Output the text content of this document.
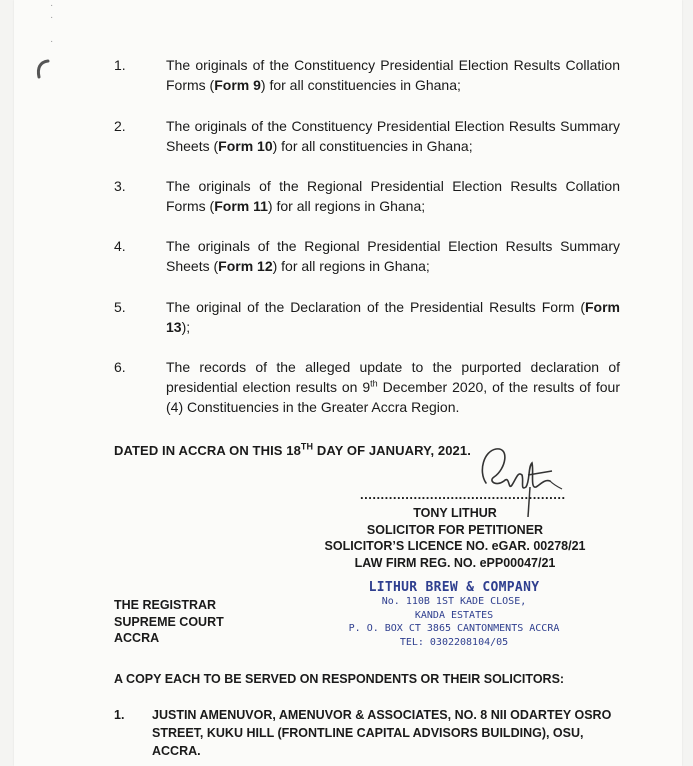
·
·

·
1.	The originals of the Constituency Presidential Election Results Collation Forms (Form 9) for all constituencies in Ghana;
2.	The originals of the Constituency Presidential Election Results Summary Sheets (Form 10) for all constituencies in Ghana;
3.	The originals of the Regional Presidential Election Results Collation Forms (Form 11) for all regions in Ghana;
4.	The originals of the Regional Presidential Election Results Summary Sheets (Form 12) for all regions in Ghana;
5.	The original of the Declaration of the Presidential Results Form (Form 13);
6.	The records of the alleged update to the purported declaration of presidential election results on 9th December 2020, of the results of four (4) Constituencies in the Greater Accra Region.
DATED IN ACCRA ON THIS 18TH DAY OF JANUARY, 2021.
..................................................
TONY LITHUR
SOLICITOR FOR PETITIONER
SOLICITOR’S LICENCE NO. eGAR. 00278/21
LAW FIRM REG. NO. ePP00047/21
LITHUR BREW & COMPANY
No. 110B 1ST KADE CLOSE,
KANDA ESTATES
P. O. BOX CT 3865 CANTONMENTS ACCRA
TEL: 0302208104/05
THE REGISTRAR
SUPREME COURT
ACCRA
A COPY EACH TO BE SERVED ON RESPONDENTS OR THEIR SOLICITORS:
1. JUSTIN AMENUVOR, AMENUVOR & ASSOCIATES, NO. 8 NII ODARTEY OSRO STREET, KUKU HILL (FRONTLINE CAPITAL ADVISORS BUILDING), OSU, ACCRA.
